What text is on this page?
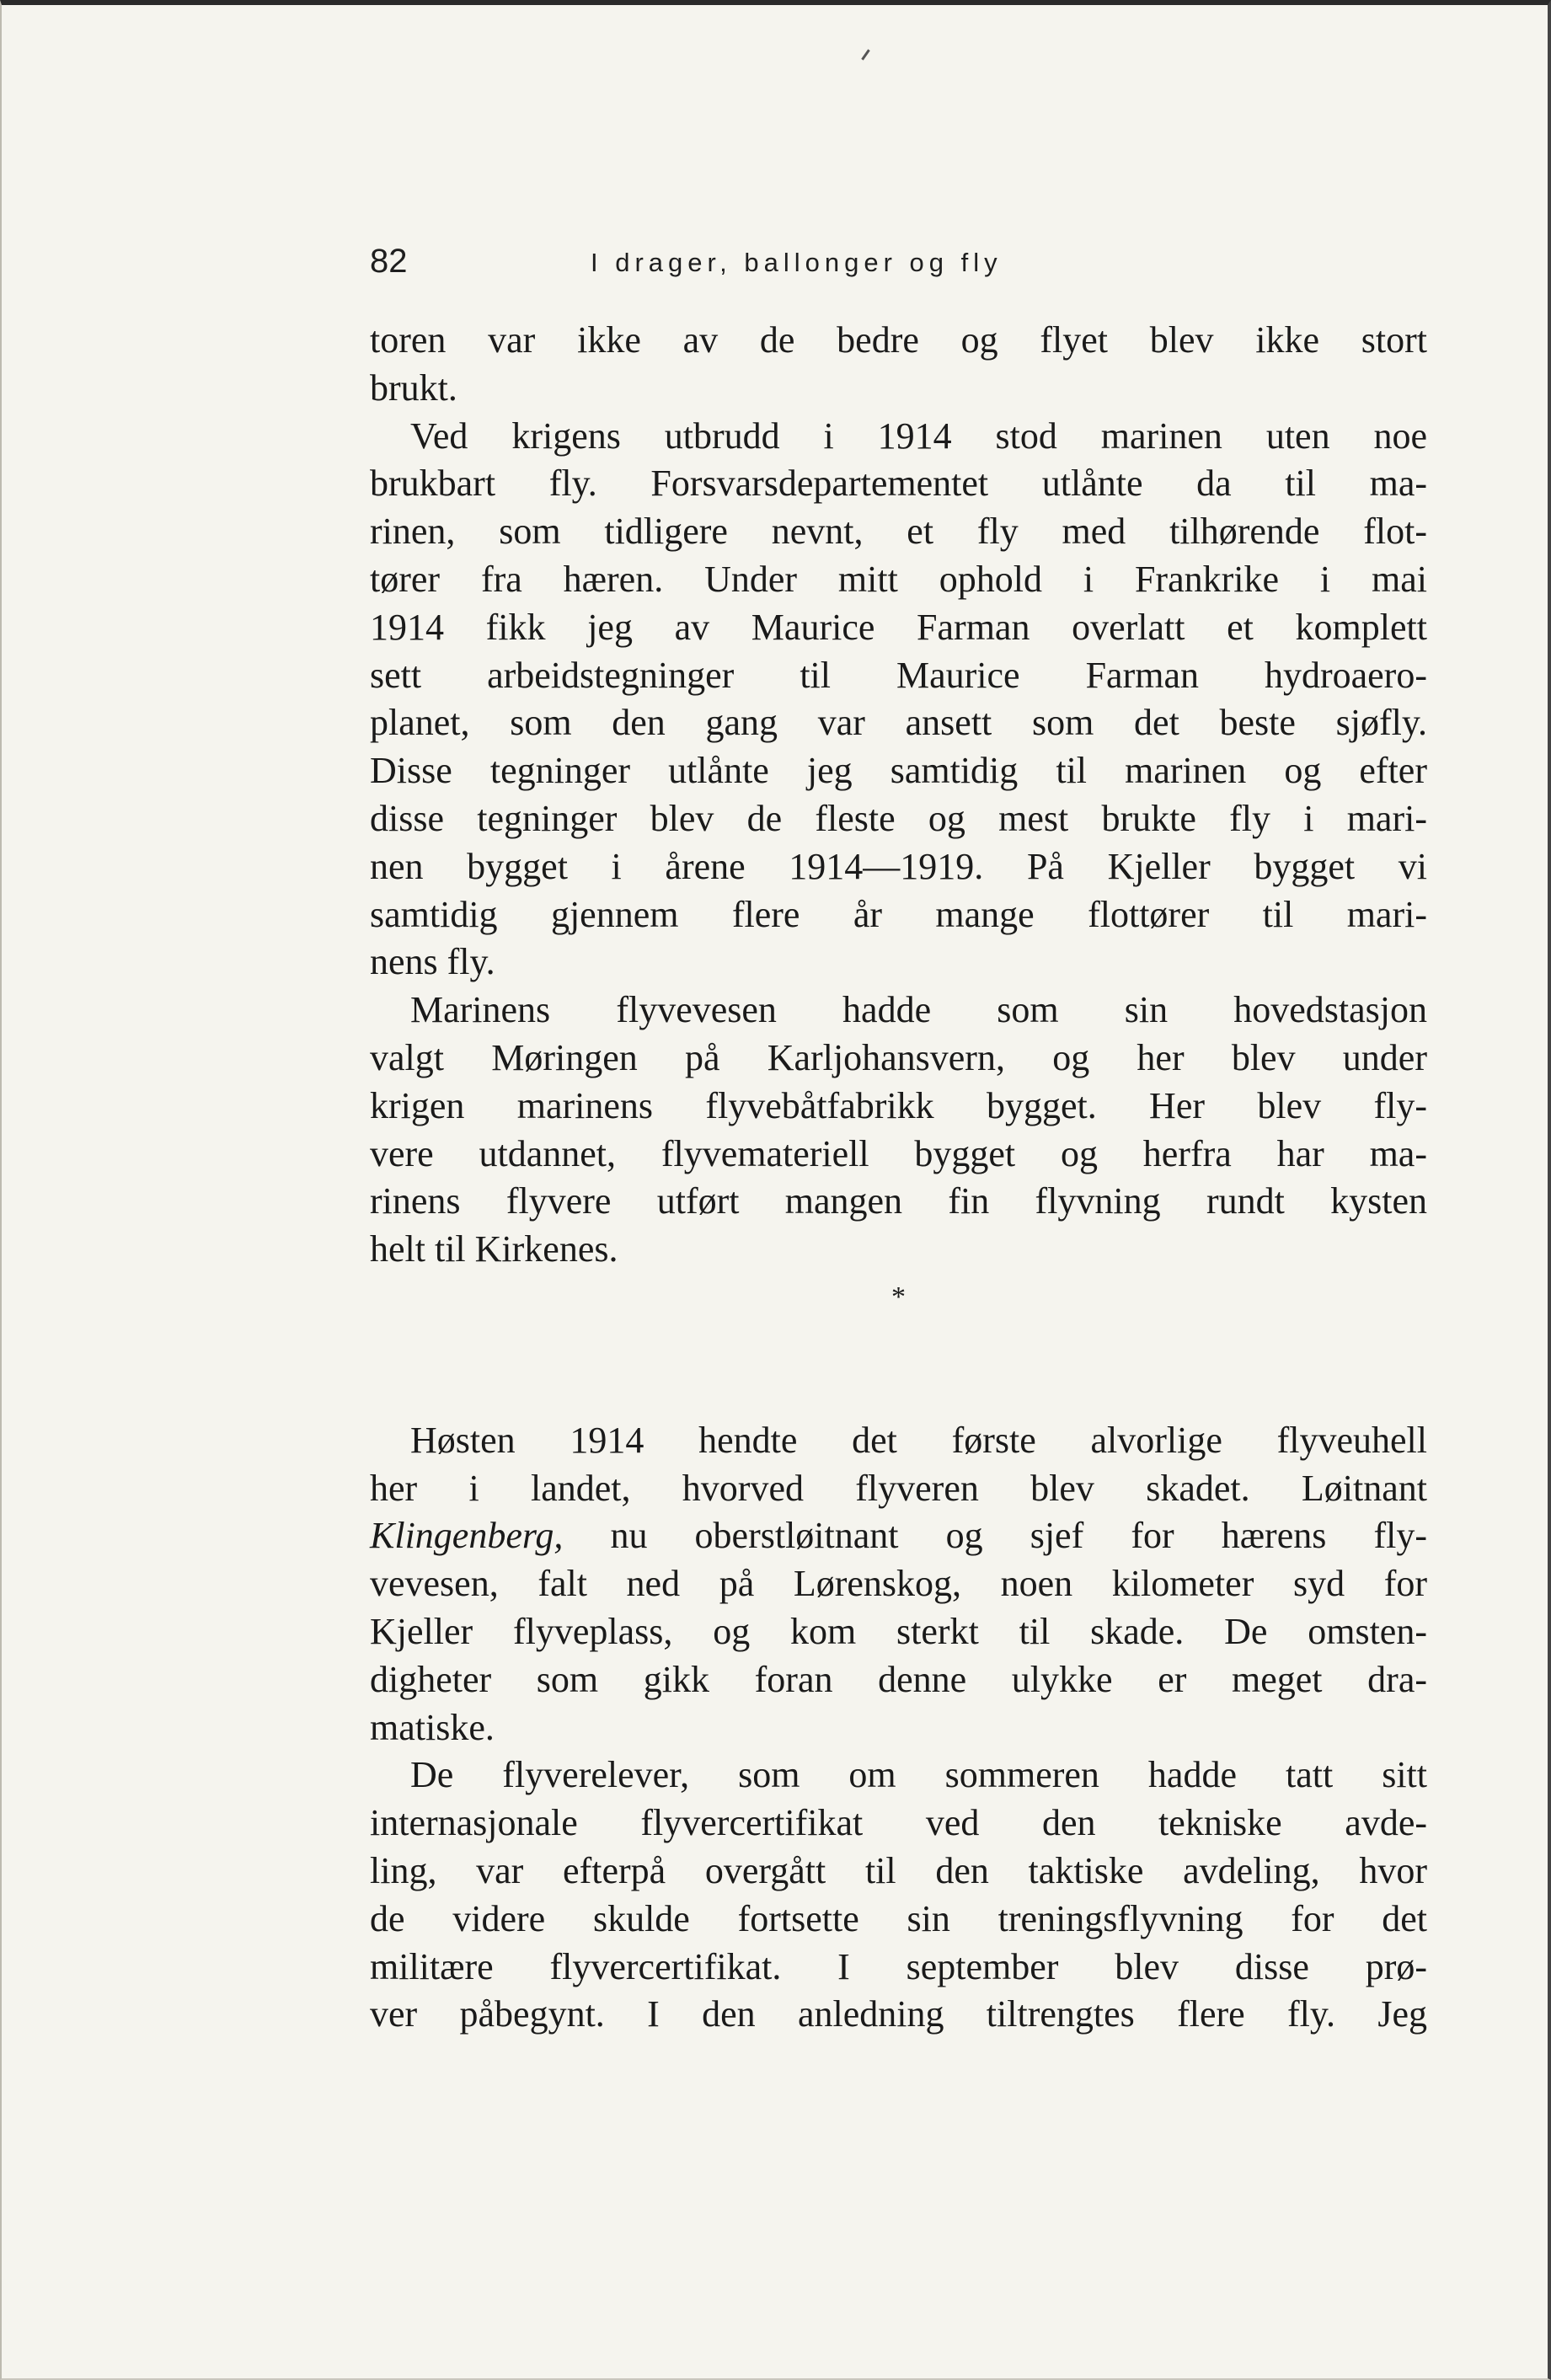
82	I drager, ballonger og fly
toren var ikke av de bedre og flyet blev ikke stort
brukt.
Ved krigens utbrudd i 1914 stod marinen uten noe
brukbart fly. Forsvarsdepartementet utlånte da til ma-
rinen, som tidligere nevnt, et fly med tilhørende flot-
tører fra hæren. Under mitt ophold i Frankrike i mai
1914 fikk jeg av Maurice Farman overlatt et komplett
sett arbeidstegninger til Maurice Farman hydroaero-
planet, som den gang var ansett som det beste sjøfly.
Disse tegninger utlånte jeg samtidig til marinen og efter
disse tegninger blev de fleste og mest brukte fly i mari-
nen bygget i årene 1914—1919. På Kjeller bygget vi
samtidig gjennem flere år mange flottører til mari-
nens fly.
Marinens flyvevesen hadde som sin hovedstasjon
valgt Møringen på Karljohansvern, og her blev under
krigen marinens flyvebåtfabrikk bygget. Her blev fly-
vere utdannet, flyvemateriell bygget og herfra har ma-
rinens flyvere utført mangen fin flyvning rundt kysten
helt til Kirkenes.
*
Høsten 1914 hendte det første alvorlige flyveuhell
her i landet, hvorved flyveren blev skadet. Løitnant
Klingenberg, nu oberstløitnant og sjef for hærens fly-
vevesen, falt ned på Lørenskog, noen kilometer syd for
Kjeller flyveplass, og kom sterkt til skade. De omsten-
digheter som gikk foran denne ulykke er meget dra-
matiske.
De flyverelever, som om sommeren hadde tatt sitt
internasjonale flyvercertifikat ved den tekniske avde-
ling, var efterpå overgått til den taktiske avdeling, hvor
de videre skulde fortsette sin treningsflyvning for det
militære flyvercertifikat. I september blev disse prø-
ver påbegynt. I den anledning tiltrengtes flere fly. Jeg
